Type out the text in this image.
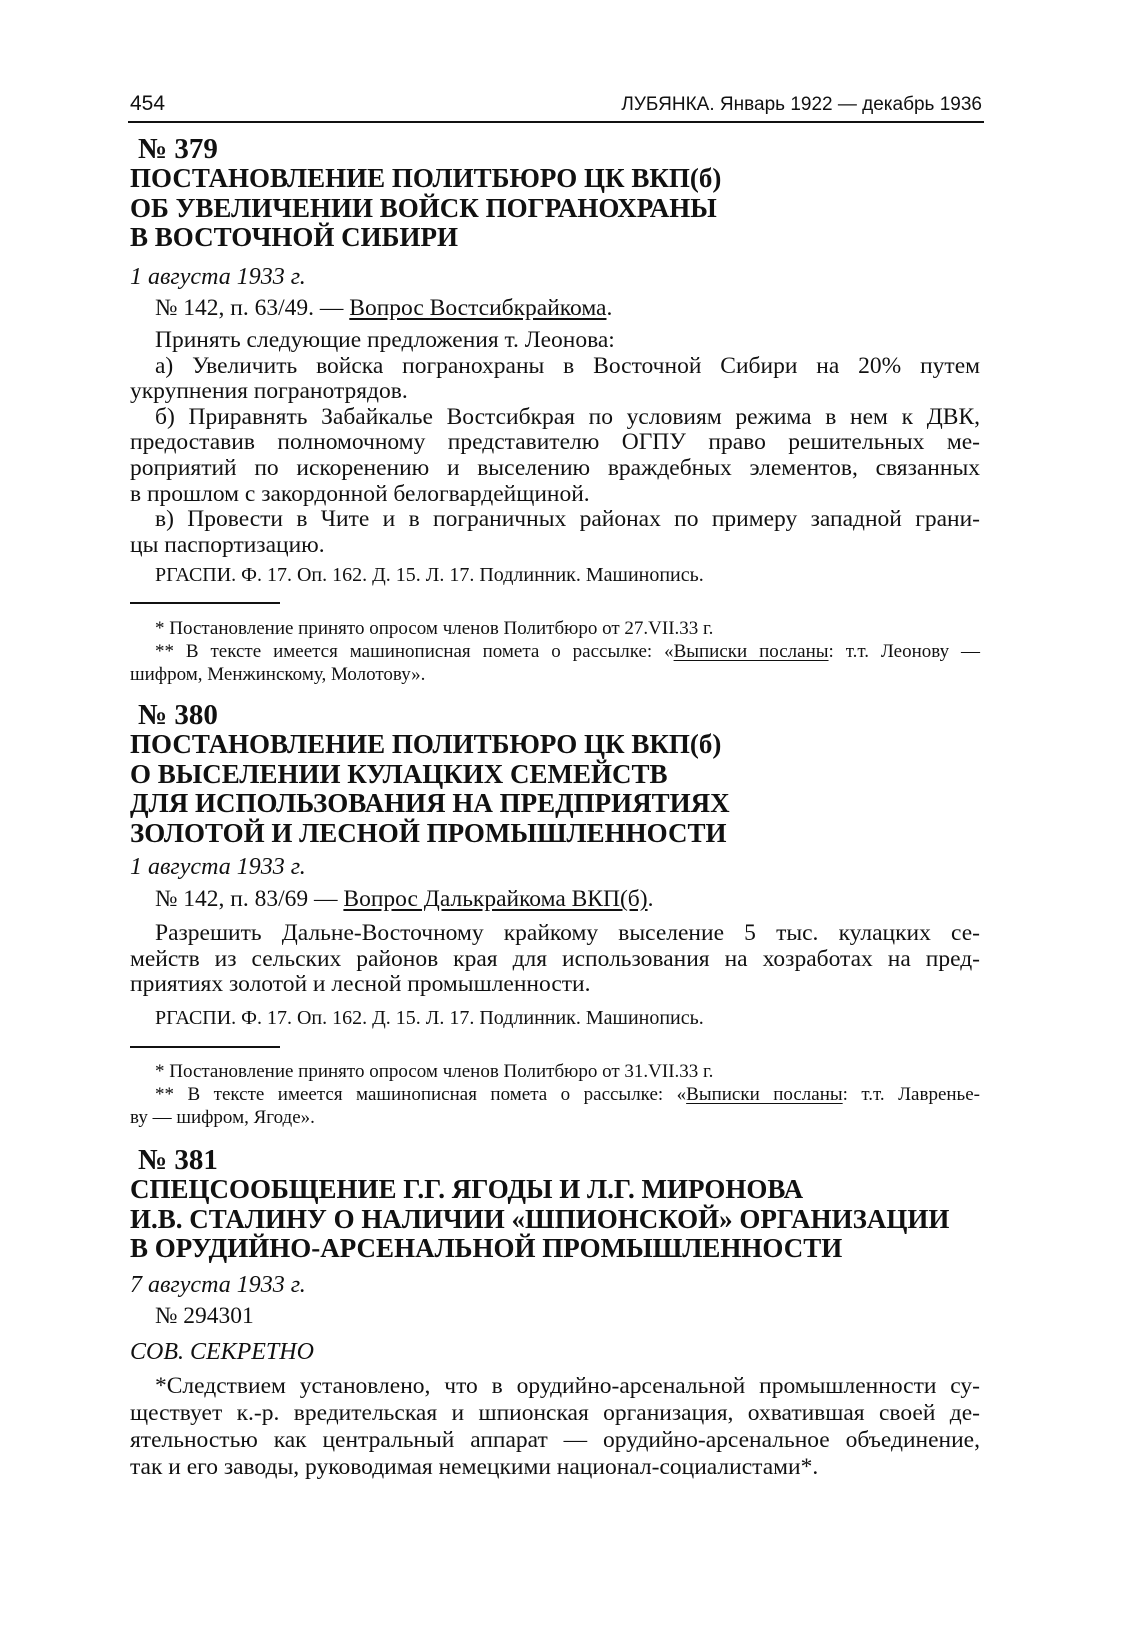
454	ЛУБЯНКА. Январь 1922 — декабрь 1936
№ 379
ПОСТАНОВЛЕНИЕ ПОЛИТБЮРО ЦК ВКП(б)
ОБ УВЕЛИЧЕНИИ ВОЙСК ПОГРАНОХРАНЫ
В ВОСТОЧНОЙ СИБИРИ
1 августа 1933 г.
№ 142, п. 63/49. — Вопрос Востсибкрайкома.
Принять следующие предложения т. Леонова:
а) Увеличить войска погранохраны в Восточной Сибири на 20% путем
укрупнения погранотрядов.
б) Приравнять Забайкалье Востсибкрая по условиям режима в нем к ДВК,
предоставив полномочному представителю ОГПУ право решительных ме-
роприятий по искоренению и выселению враждебных элементов, связанных
в прошлом с закордонной белогвардейщиной.
в) Провести в Чите и в пограничных районах по примеру западной грани-
цы паспортизацию.
РГАСПИ. Ф. 17. Оп. 162. Д. 15. Л. 17. Подлинник. Машинопись.
* Постановление принято опросом членов Политбюро от 27.VII.33 г.
** В тексте имеется машинописная помета о рассылке: «Выписки посланы: т.т. Леонову —
шифром, Менжинскому, Молотову».
№ 380
ПОСТАНОВЛЕНИЕ ПОЛИТБЮРО ЦК ВКП(б)
О ВЫСЕЛЕНИИ КУЛАЦКИХ СЕМЕЙСТВ
ДЛЯ ИСПОЛЬЗОВАНИЯ НА ПРЕДПРИЯТИЯХ
ЗОЛОТОЙ И ЛЕСНОЙ ПРОМЫШЛЕННОСТИ
1 августа 1933 г.
№ 142, п. 83/69 — Вопрос Далькрайкома ВКП(б).
Разрешить Дальне-Восточному крайкому выселение 5 тыс. кулацких се-
мейств из сельских районов края для использования на хозработах на пред-
приятиях золотой и лесной промышленности.
РГАСПИ. Ф. 17. Оп. 162. Д. 15. Л. 17. Подлинник. Машинопись.
* Постановление принято опросом членов Политбюро от 31.VII.33 г.
** В тексте имеется машинописная помета о рассылке: «Выписки посланы: т.т. Лавренье-
ву — шифром, Ягоде».
№ 381
СПЕЦСООБЩЕНИЕ Г.Г. ЯГОДЫ И Л.Г. МИРОНОВА
И.В. СТАЛИНУ О НАЛИЧИИ «ШПИОНСКОЙ» ОРГАНИЗАЦИИ
В ОРУДИЙНО-АРСЕНАЛЬНОЙ ПРОМЫШЛЕННОСТИ
7 августа 1933 г.
№ 294301
СОВ. СЕКРЕТНО
*Следствием установлено, что в орудийно-арсенальной промышленности су-
ществует к.-р. вредительская и шпионская организация, охватившая своей де-
ятельностью как центральный аппарат — орудийно-арсенальное объединение,
так и его заводы, руководимая немецкими национал-социалистами*.
